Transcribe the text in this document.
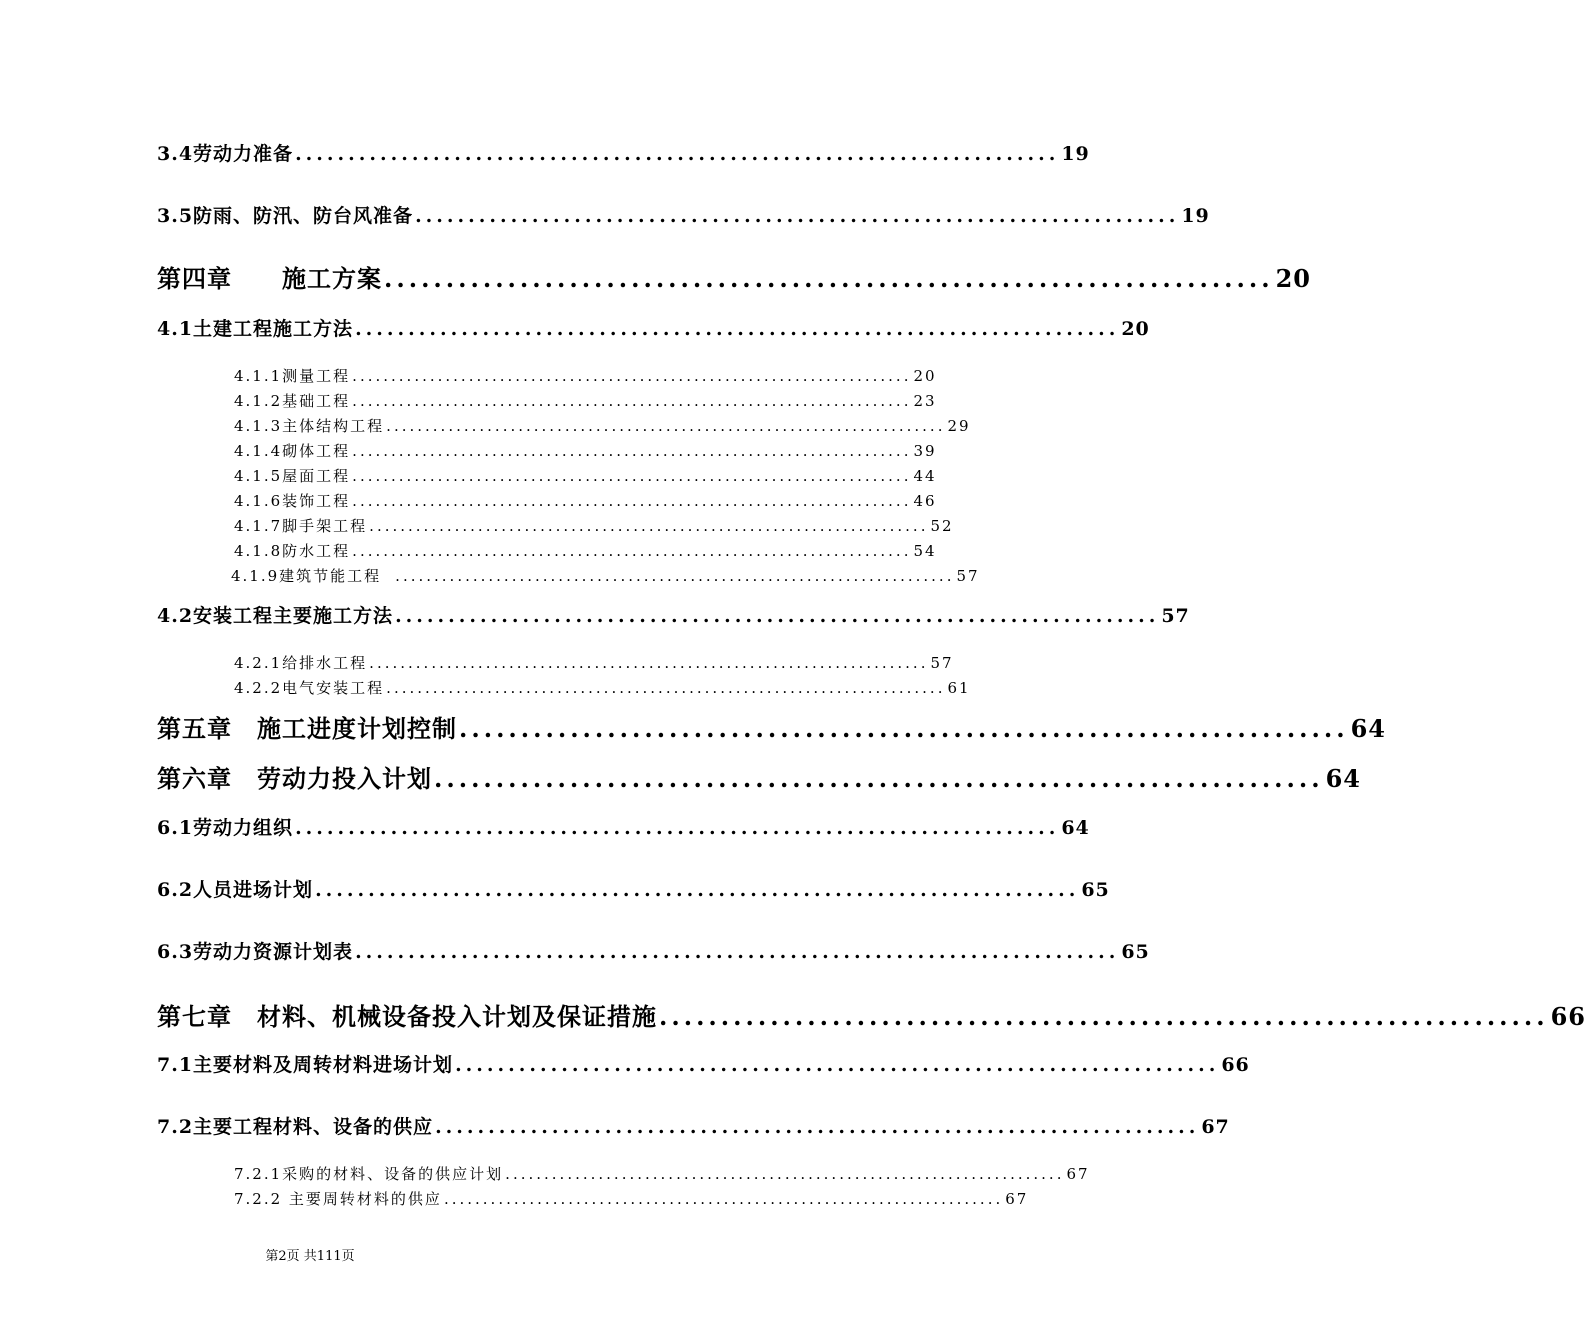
3.4劳动力准备 ........................................................................ 19
3.5防雨、防汛、防台风准备 ........................................................................ 19
第四章　　施工方案 ........................................................................ 20
4.1土建工程施工方法 ........................................................................ 20
4.1.1测量工程 ........................................................................ 20
4.1.2基础工程 ........................................................................ 23
4.1.3主体结构工程 ........................................................................ 29
4.1.4砌体工程 ........................................................................ 39
4.1.5屋面工程 ........................................................................ 44
4.1.6装饰工程 ........................................................................ 46
4.1.7脚手架工程 ........................................................................ 52
4.1.8防水工程 ........................................................................ 54
4.1.9建筑节能工程 ........................................................................ 57
4.2安装工程主要施工方法 ........................................................................ 57
4.2.1给排水工程 ........................................................................ 57
4.2.2电气安装工程 ........................................................................ 61
第五章　施工进度计划控制 ........................................................................ 64
第六章　劳动力投入计划 ........................................................................ 64
6.1劳动力组织 ........................................................................ 64
6.2人员进场计划 ........................................................................ 65
6.3劳动力资源计划表 ........................................................................ 65
第七章　材料、机械设备投入计划及保证措施 ........................................................................ 66
7.1主要材料及周转材料进场计划 ........................................................................ 66
7.2主要工程材料、设备的供应 ........................................................................ 67
7.2.1采购的材料、设备的供应计划 ........................................................................ 67
7.2.2 主要周转材料的供应 ........................................................................ 67
第2页 共111页
